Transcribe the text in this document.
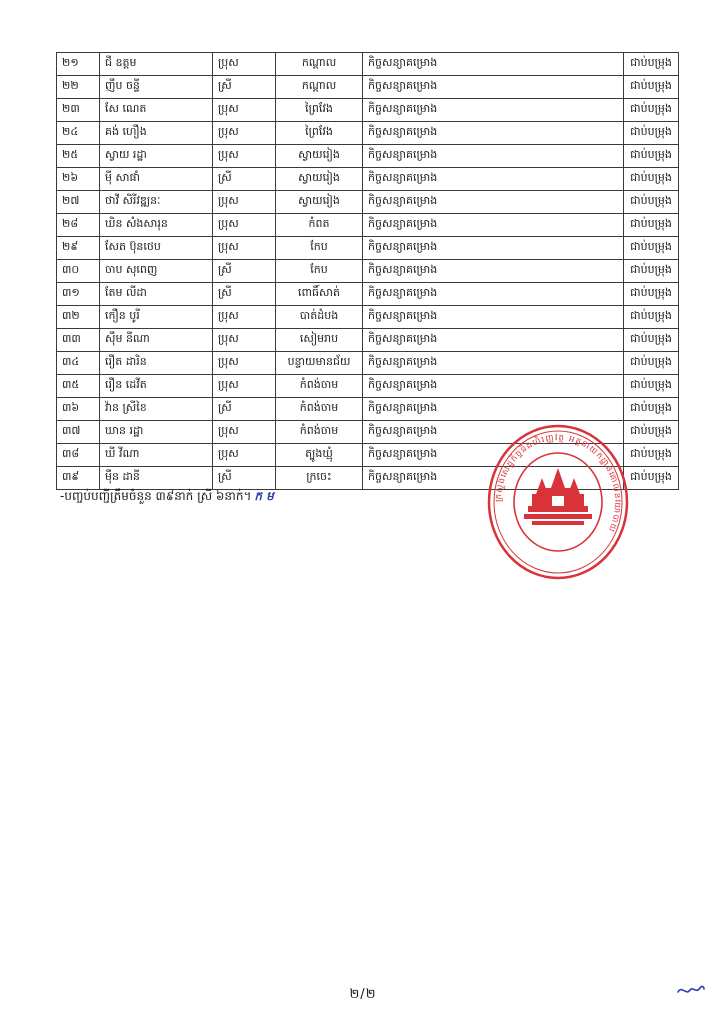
២១	ជី ឧត្តម	ប្រុស	កណ្តាល	កិច្ចសន្យាគម្រោង	ជាប់បម្រុង
២២	ញឹប ចន្ទី	ស្រី	កណ្តាល	កិច្ចសន្យាគម្រោង	ជាប់បម្រុង
២៣	សែ ណេត	ប្រុស	ព្រៃវែង	កិច្ចសន្យាគម្រោង	ជាប់បម្រុង
២៤	គង់ ហឿង	ប្រុស	ព្រៃវែង	កិច្ចសន្យាគម្រោង	ជាប់បម្រុង
២៥	ស្វាយ រដ្ឋា	ប្រុស	ស្វាយរៀង	កិច្ចសន្យាគម្រោង	ជាប់បម្រុង
២៦	ម៉ី សាផាំ	ស្រី	ស្វាយរៀង	កិច្ចសន្យាគម្រោង	ជាប់បម្រុង
២៧	ថាវី សិរីវឌ្ឍនៈ	ប្រុស	ស្វាយរៀង	កិច្ចសន្យាគម្រោង	ជាប់បម្រុង
២៨	ឃិន សំងសារុន	ប្រុស	កំពត	កិច្ចសន្យាគម្រោង	ជាប់បម្រុង
២៩	សែត ប៊ុនថេប	ប្រុស	កែប	កិច្ចសន្យាគម្រោង	ជាប់បម្រុង
៣០	ចាប សុពេញ	ស្រី	កែប	កិច្ចសន្យាគម្រោង	ជាប់បម្រុង
៣១	តែម លីដា	ស្រី	ពោធិ៍សាត់	កិច្ចសន្យាគម្រោង	ជាប់បម្រុង
៣២	កឿន បូរី	ប្រុស	បាត់ដំបង	កិច្ចសន្យាគម្រោង	ជាប់បម្រុង
៣៣	ស៊ឹម នីណា	ប្រុស	សៀមរាប	កិច្ចសន្យាគម្រោង	ជាប់បម្រុង
៣៤	រឿត ដារិន	ប្រុស	បន្ទាយមានជ័យ	កិច្ចសន្យាគម្រោង	ជាប់បម្រុង
៣៥	រឿន ដេវីត	ប្រុស	កំពង់ចាម	កិច្ចសន្យាគម្រោង	ជាប់បម្រុង
៣៦	វ៉ាន ស្រីខៃ	ស្រី	កំពង់ចាម	កិច្ចសន្យាគម្រោង	ជាប់បម្រុង
៣៧	ឃាន រដ្ឋា	ប្រុស	កំពង់ចាម	កិច្ចសន្យាគម្រោង	ជាប់បម្រុង
៣៨	ឃី វីណា	ប្រុស	ត្បូងឃ្មុំ	កិច្ចសន្យាគម្រោង	ជាប់បម្រុង
៣៩	ម៉ឺន ដានី	ស្រី	ក្រចេះ	កិច្ចសន្យាគម្រោង	ជាប់បម្រុង
-បញ្ចប់បញ្ជីត្រឹមចំនួន ៣៩នាក់ ស្រី ៦នាក់។ ក ម	ក្រសួងសេដ្ឋកិច្ចនិងហិរញ្ញវត្ថុ អគ្គនាយកដ្ឋានគោលនយោបាយ
២/២
